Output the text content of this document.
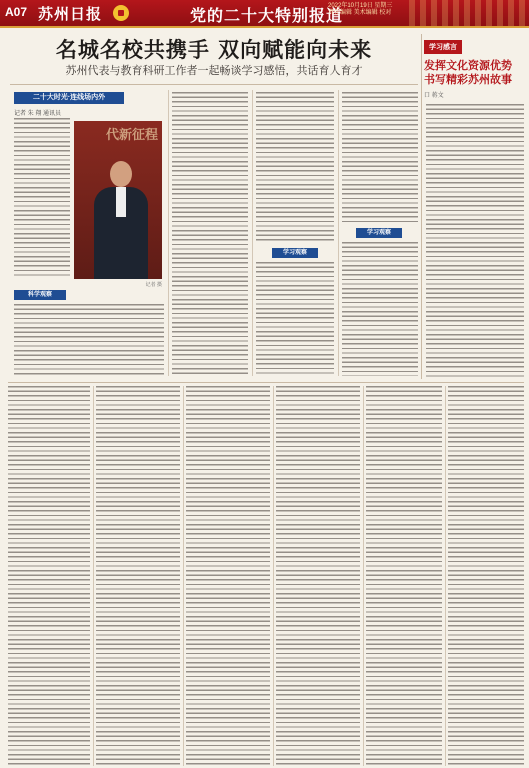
A07 苏州日报	党的二十大特别报道
2022年10月19日 星期三 责任编辑 美术编辑 校对
名城名校共携手 双向赋能向未来
苏州代表与教育科研工作者一起畅谈学习感悟，共话育人育才
二十大时光·连线场内外
记者 朱 翔 通讯员
代新征程
记者 摄
科学观察
学习观察
学习观察
学习感言
发挥文化资源优势 书写精彩苏州故事
口 蒋文
